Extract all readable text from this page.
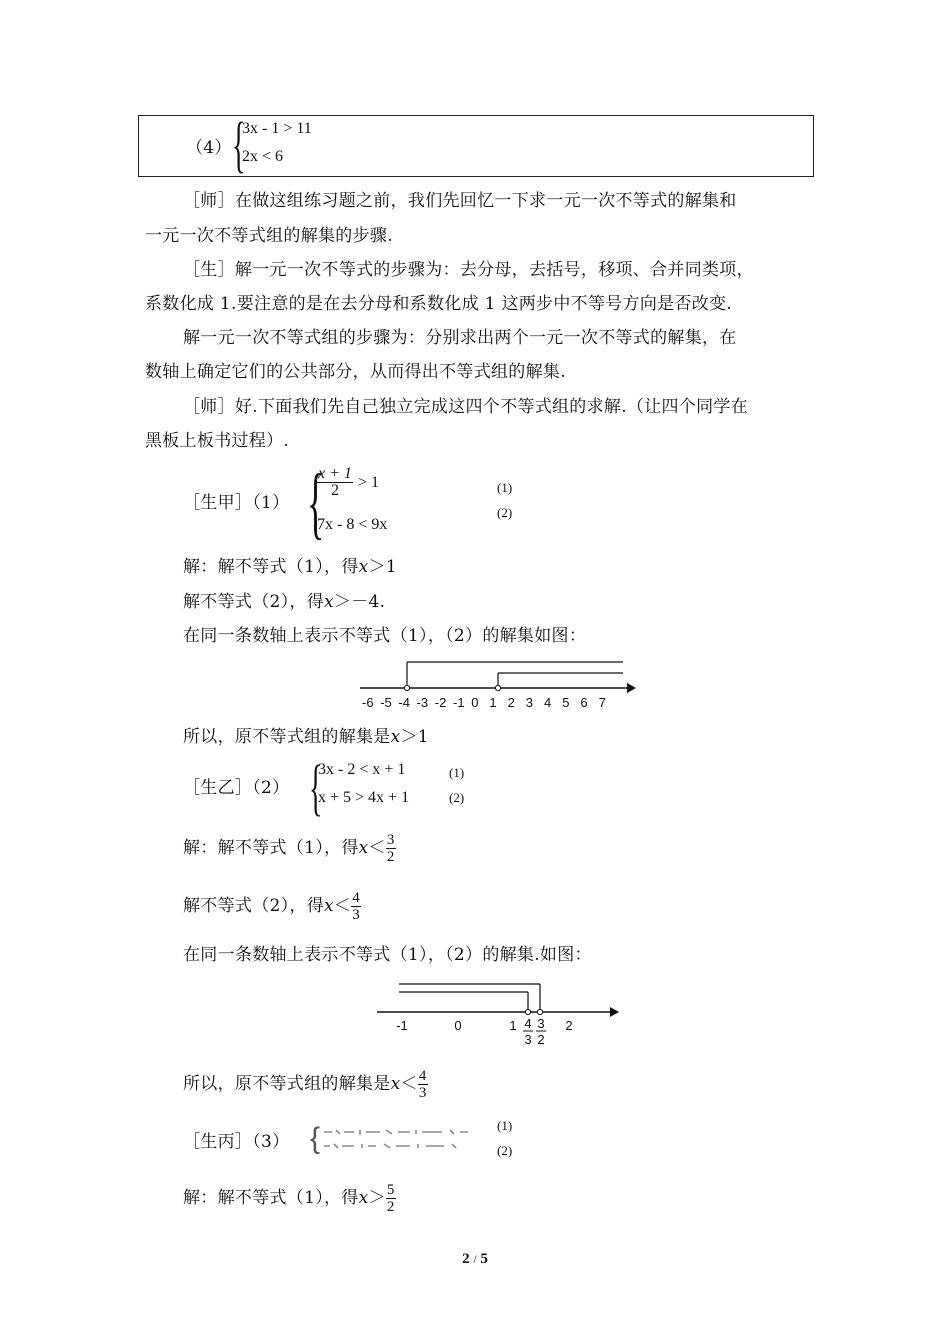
（4） {
3x - 1 > 11
2x < 6
［师］在做这组练习题之前，我们先回忆一下求一元一次不等式的解集和
一元一次不等式组的解集的步骤.
［生］解一元一次不等式的步骤为：去分母，去括号，移项、合并同类项，
系数化成 1.要注意的是在去分母和系数化成 1 这两步中不等号方向是否改变.
解一元一次不等式组的步骤为：分别求出两个一元一次不等式的解集，在
数轴上确定它们的公共部分，从而得出不等式组的解集.
［师］好.下面我们先自己独立完成这四个不等式组的求解.（让四个同学在
黑板上板书过程）.
［生甲］（1） {
$\frac{x + 1}{2} > 1$
7x - 8 < 9x
(1)
(2)
解：解不等式（1），得x＞1
解不等式（2），得x＞－4.
在同一条数轴上表示不等式（1），（2）的解集如图：
-6 -5 -4 -3 -2 -1 0 1 2 3 4 5 6 7
所以，原不等式组的解集是x＞1
［生乙］（2） {
3x - 2 < x + 1
x + 5 > 4x + 1
(1)
(2)
解：解不等式（1），得$x< \frac{3}{2}$
解不等式（2），得$x< \frac{4}{3}$
在同一条数轴上表示不等式（1），（2）的解集.如图：
-1	0	1	2
4
3
3
2
所以，原不等式组的解集是$x< \frac{4}{3}$
［生丙］（3） {	(1)
(2)
解：解不等式（1），得$x> \frac{5}{2}$
2 / 5
